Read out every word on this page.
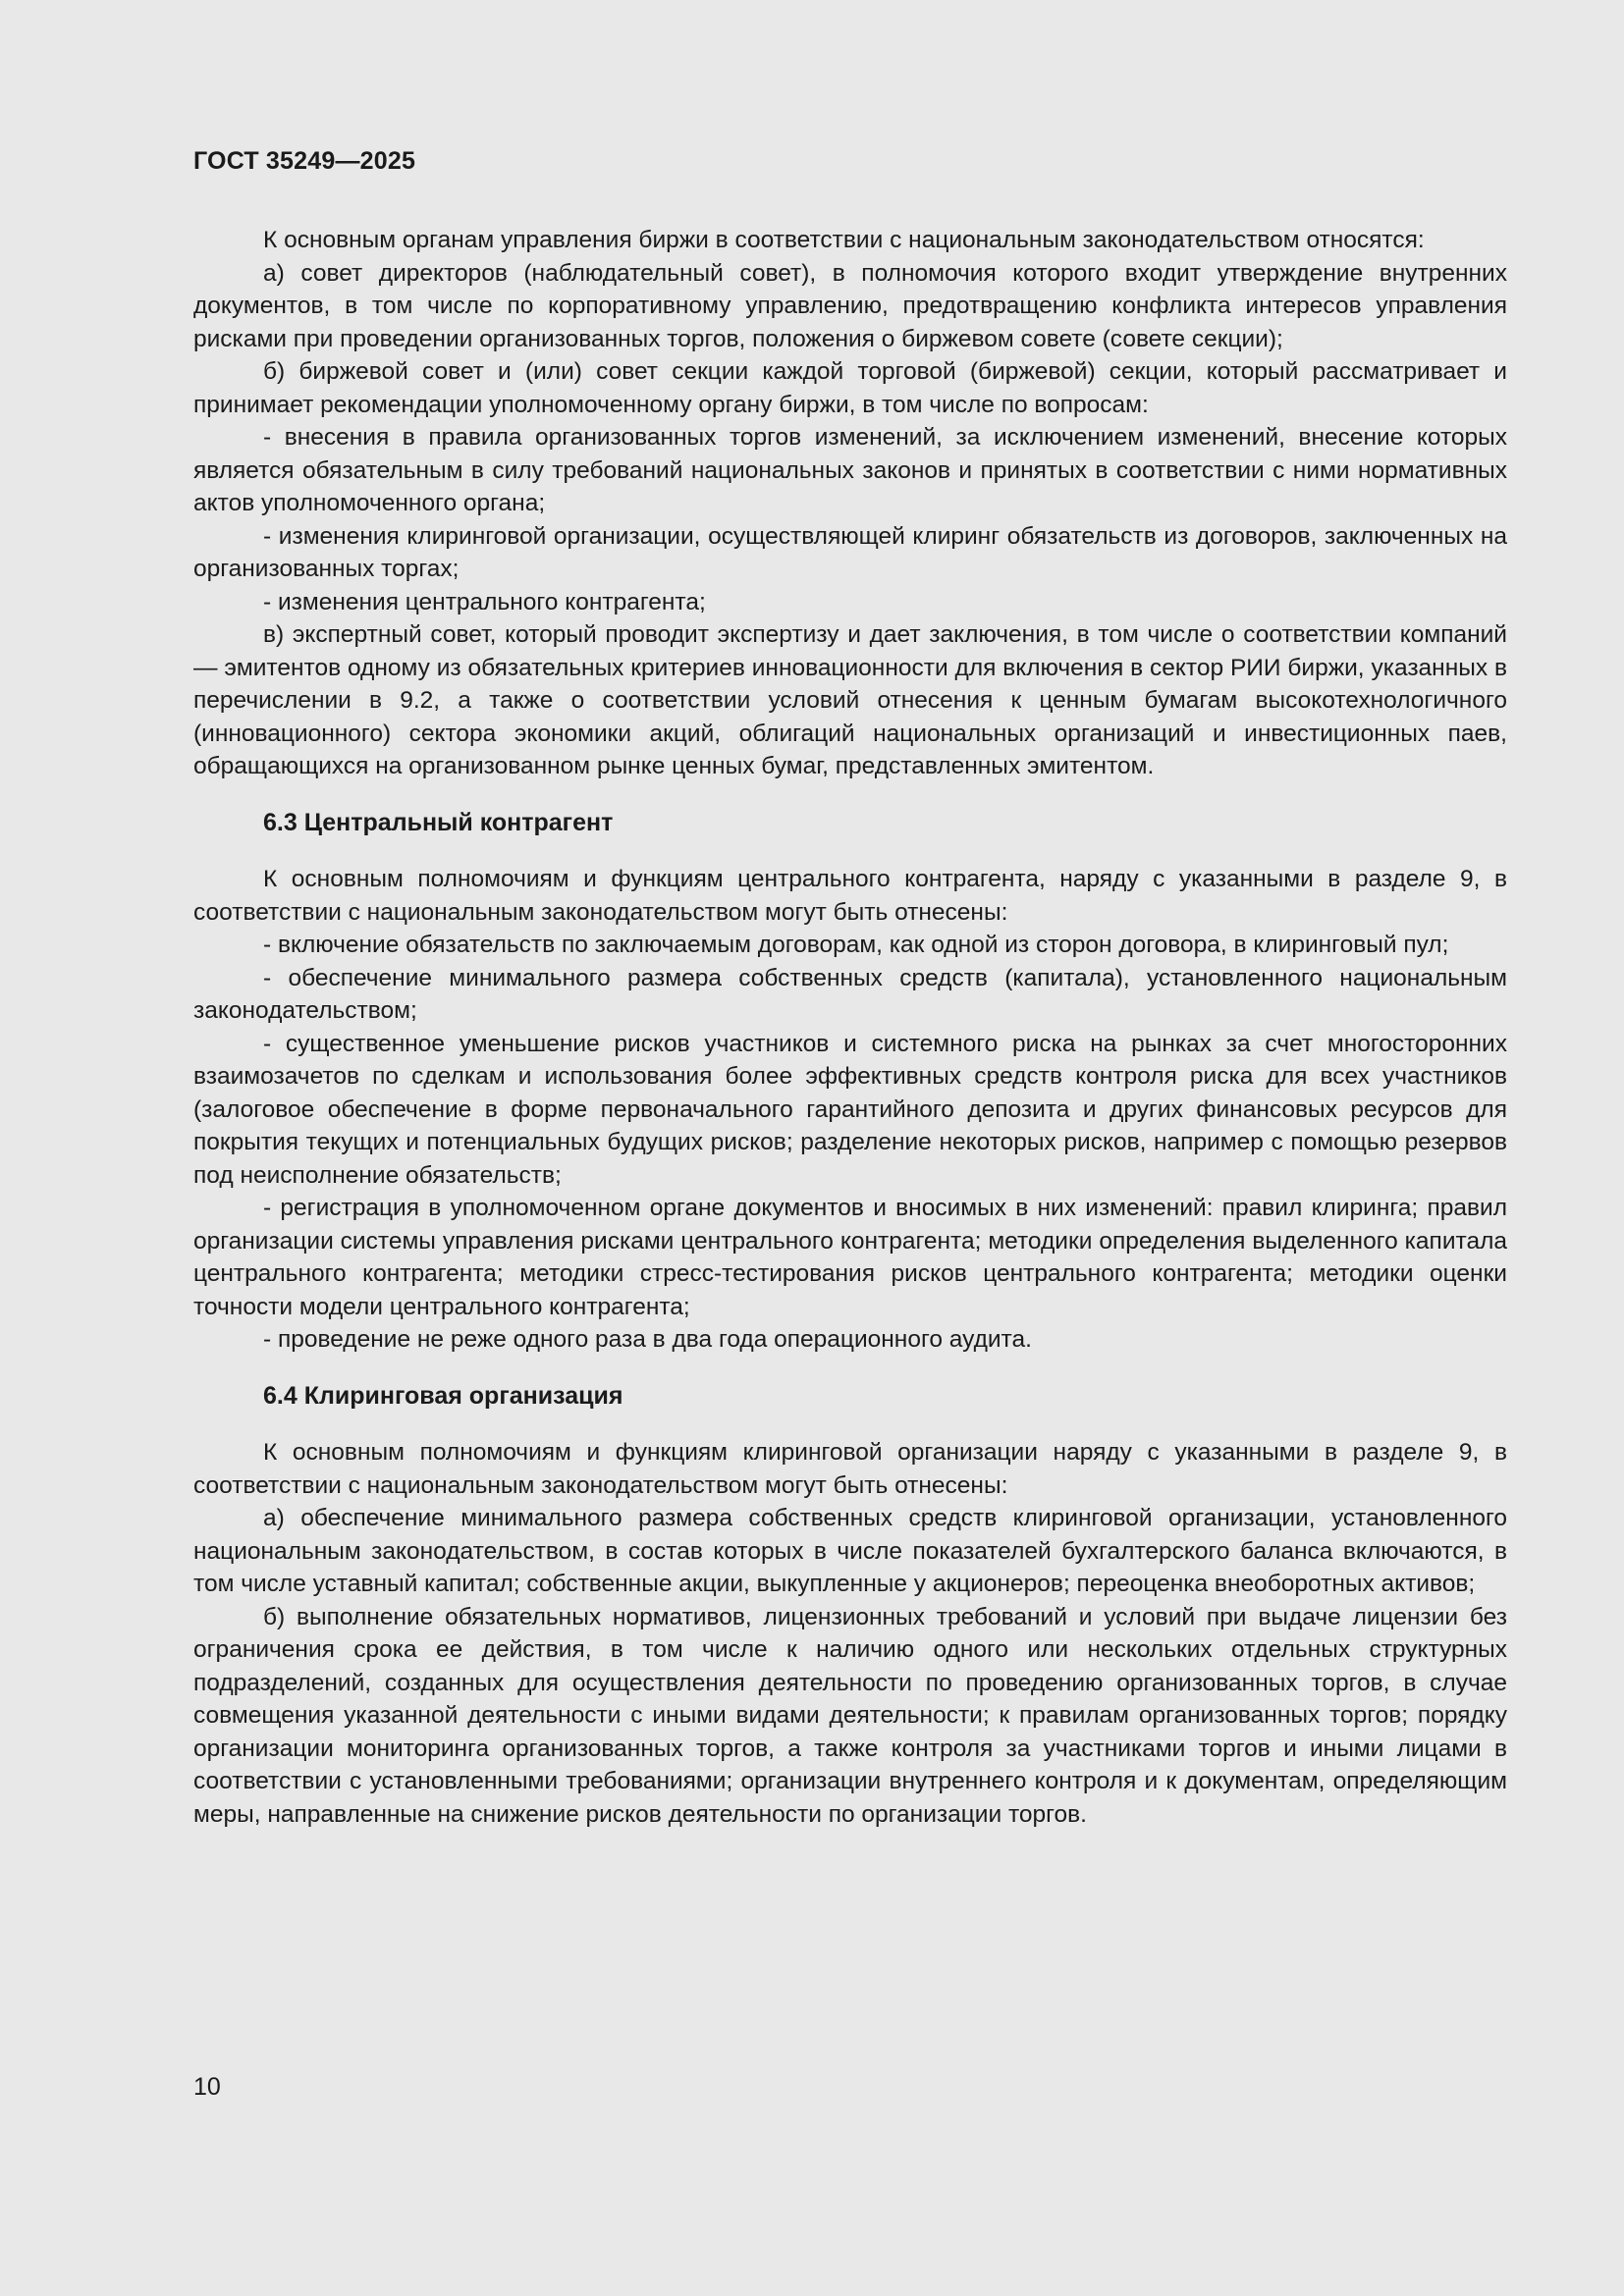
ГОСТ 35249—2025

К основным органам управления биржи в соответствии с национальным законодательством относятся:

а) совет директоров (наблюдательный совет), в полномочия которого входит утверждение внутренних документов, в том числе по корпоративному управлению, предотвращению конфликта интересов управления рисками при проведении организованных торгов, положения о биржевом совете (совете секции);

б) биржевой совет и (или) совет секции каждой торговой (биржевой) секции, который рассматривает и принимает рекомендации уполномоченному органу биржи, в том числе по вопросам:

- внесения в правила организованных торгов изменений, за исключением изменений, внесение которых является обязательным в силу требований национальных законов и принятых в соответствии с ними нормативных актов уполномоченного органа;

- изменения клиринговой организации, осуществляющей клиринг обязательств из договоров, заключенных на организованных торгах;

- изменения центрального контрагента;

в) экспертный совет, который проводит экспертизу и дает заключения, в том числе о соответствии компаний — эмитентов одному из обязательных критериев инновационности для включения в сектор РИИ биржи, указанных в перечислении в 9.2, а также о соответствии условий отнесения к ценным бумагам высокотехнологичного (инновационного) сектора экономики акций, облигаций национальных организаций и инвестиционных паев, обращающихся на организованном рынке ценных бумаг, представленных эмитентом.

6.3 Центральный контрагент

К основным полномочиям и функциям центрального контрагента, наряду с указанными в разделе 9, в соответствии с национальным законодательством могут быть отнесены:

- включение обязательств по заключаемым договорам, как одной из сторон договора, в клиринговый пул;

- обеспечение минимального размера собственных средств (капитала), установленного национальным законодательством;

- существенное уменьшение рисков участников и системного риска на рынках за счет многосторонних взаимозачетов по сделкам и использования более эффективных средств контроля риска для всех участников (залоговое обеспечение в форме первоначального гарантийного депозита и других финансовых ресурсов для покрытия текущих и потенциальных будущих рисков; разделение некоторых рисков, например с помощью резервов под неисполнение обязательств;

- регистрация в уполномоченном органе документов и вносимых в них изменений: правил клиринга; правил организации системы управления рисками центрального контрагента; методики определения выделенного капитала центрального контрагента; методики стресс-тестирования рисков центрального контрагента; методики оценки точности модели центрального контрагента;

- проведение не реже одного раза в два года операционного аудита.

6.4 Клиринговая организация

К основным полномочиям и функциям клиринговой организации наряду с указанными в разделе 9, в соответствии с национальным законодательством могут быть отнесены:

а) обеспечение минимального размера собственных средств клиринговой организации, установленного национальным законодательством, в состав которых в числе показателей бухгалтерского баланса включаются, в том числе уставный капитал; собственные акции, выкупленные у акционеров; переоценка внеоборотных активов;

б) выполнение обязательных нормативов, лицензионных требований и условий при выдаче лицензии без ограничения срока ее действия, в том числе к наличию одного или нескольких отдельных структурных подразделений, созданных для осуществления деятельности по проведению организованных торгов, в случае совмещения указанной деятельности с иными видами деятельности; к правилам организованных торгов; порядку организации мониторинга организованных торгов, а также контроля за участниками торгов и иными лицами в соответствии с установленными требованиями; организации внутреннего контроля и к документам, определяющим меры, направленные на снижение рисков деятельности по организации торгов.

10
